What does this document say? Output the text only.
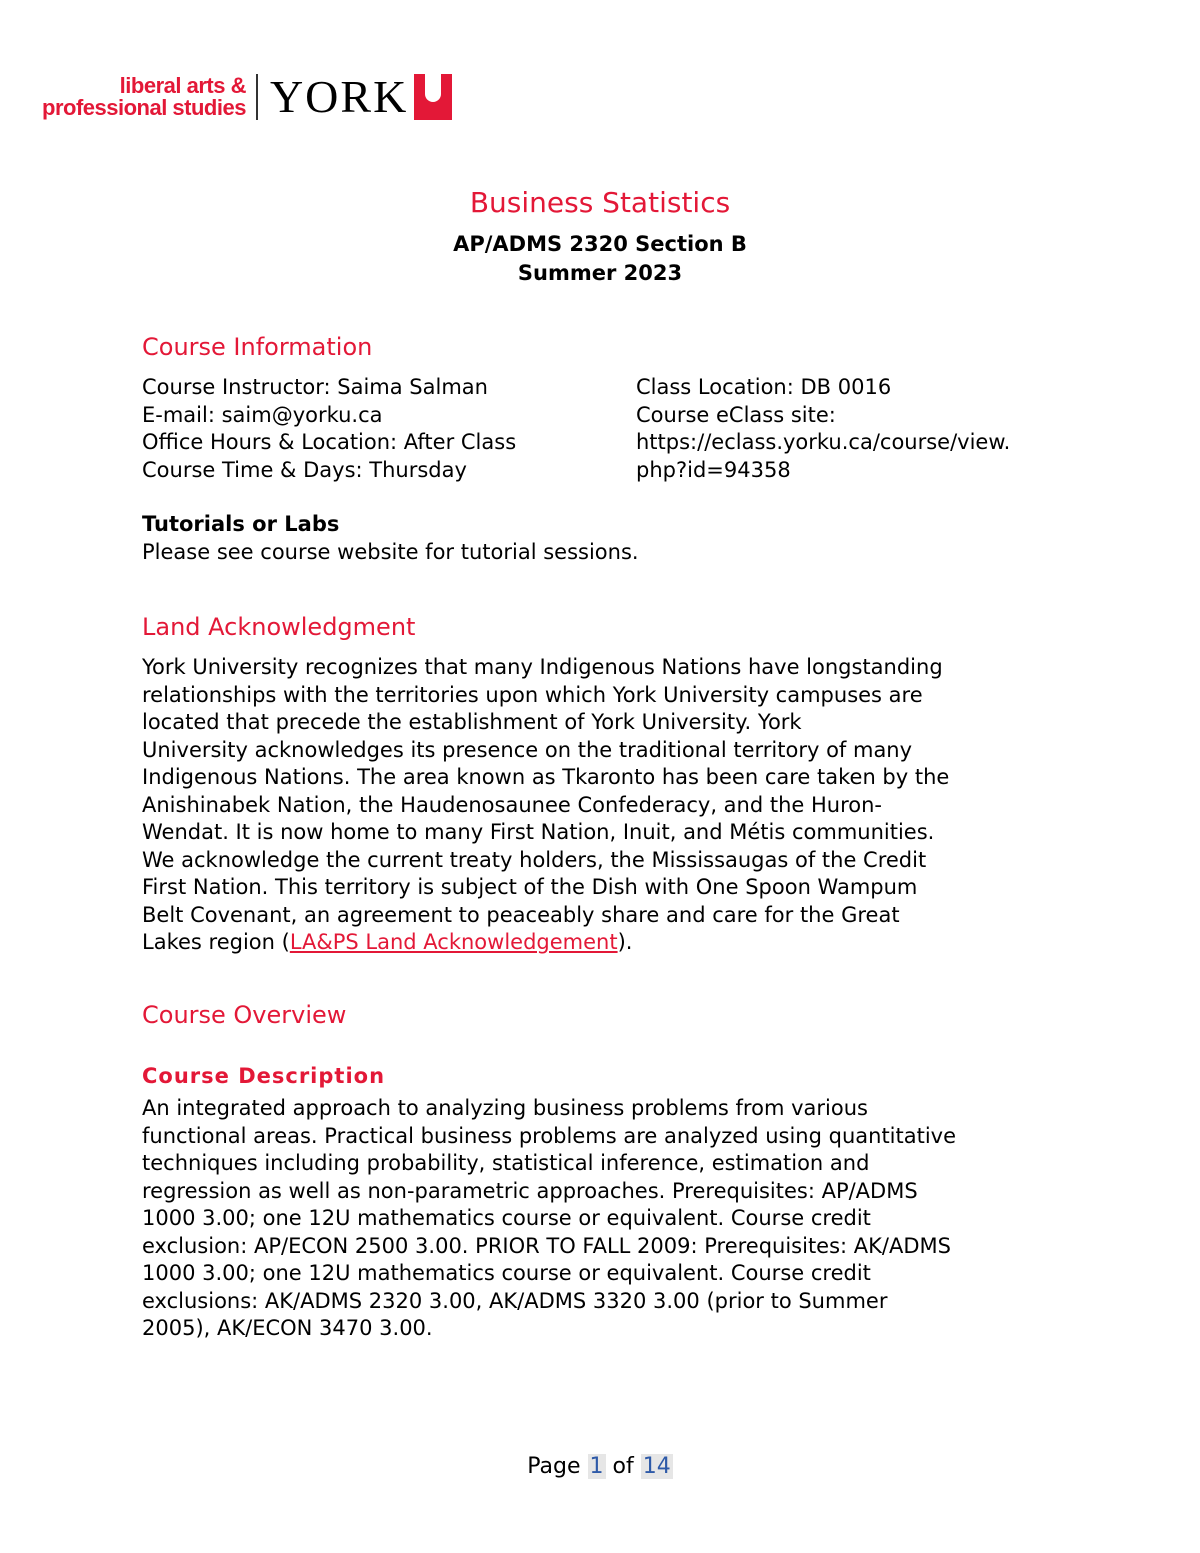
liberal arts &
professional studies YORK
Business Statistics
AP/ADMS 2320 Section B
Summer 2023
Course Information
Course Instructor: Saima Salman
E-mail: saim@yorku.ca
Office Hours & Location: After Class
Course Time & Days: Thursday
Class Location: DB 0016
Course eClass site:
https://eclass.yorku.ca/course/view.
php?id=94358
Tutorials or Labs
Please see course website for tutorial sessions.
Land Acknowledgment
York University recognizes that many Indigenous Nations have longstanding
relationships with the territories upon which York University campuses are
located that precede the establishment of York University. York
University acknowledges its presence on the traditional territory of many
Indigenous Nations. The area known as Tkaronto has been care taken by the
Anishinabek Nation, the Haudenosaunee Confederacy, and the Huron-
Wendat. It is now home to many First Nation, Inuit, and Métis communities.
We acknowledge the current treaty holders, the Mississaugas of the Credit
First Nation. This territory is subject of the Dish with One Spoon Wampum
Belt Covenant, an agreement to peaceably share and care for the Great
Lakes region (LA&PS Land Acknowledgement).
Course Overview
Course Description
An integrated approach to analyzing business problems from various
functional areas. Practical business problems are analyzed using quantitative
techniques including probability, statistical inference, estimation and
regression as well as non-parametric approaches. Prerequisites: AP/ADMS
1000 3.00; one 12U mathematics course or equivalent. Course credit
exclusion: AP/ECON 2500 3.00. PRIOR TO FALL 2009: Prerequisites: AK/ADMS
1000 3.00; one 12U mathematics course or equivalent. Course credit
exclusions: AK/ADMS 2320 3.00, AK/ADMS 3320 3.00 (prior to Summer
2005), AK/ECON 3470 3.00.
Page 1 of 14
